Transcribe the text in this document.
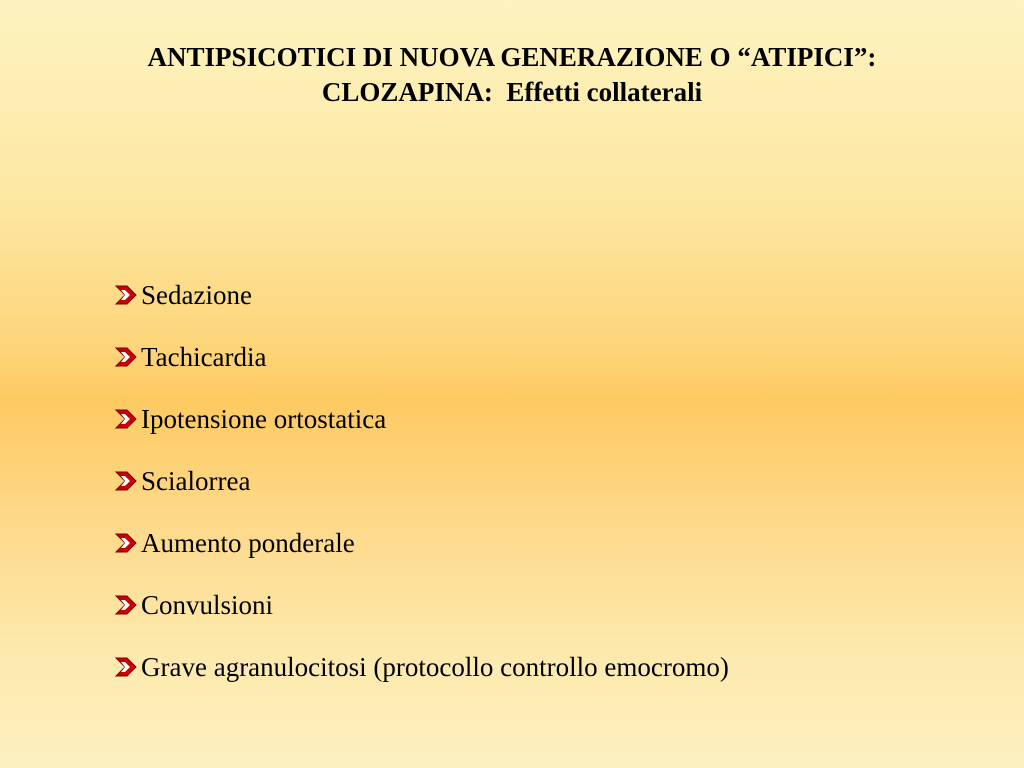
ANTIPSICOTICI DI NUOVA GENERAZIONE O “ATIPICI”:
CLOZAPINA: Effetti collaterali
Sedazione
Tachicardia
Ipotensione ortostatica
Scialorrea
Aumento ponderale
Convulsioni
Grave agranulocitosi (protocollo controllo emocromo)
